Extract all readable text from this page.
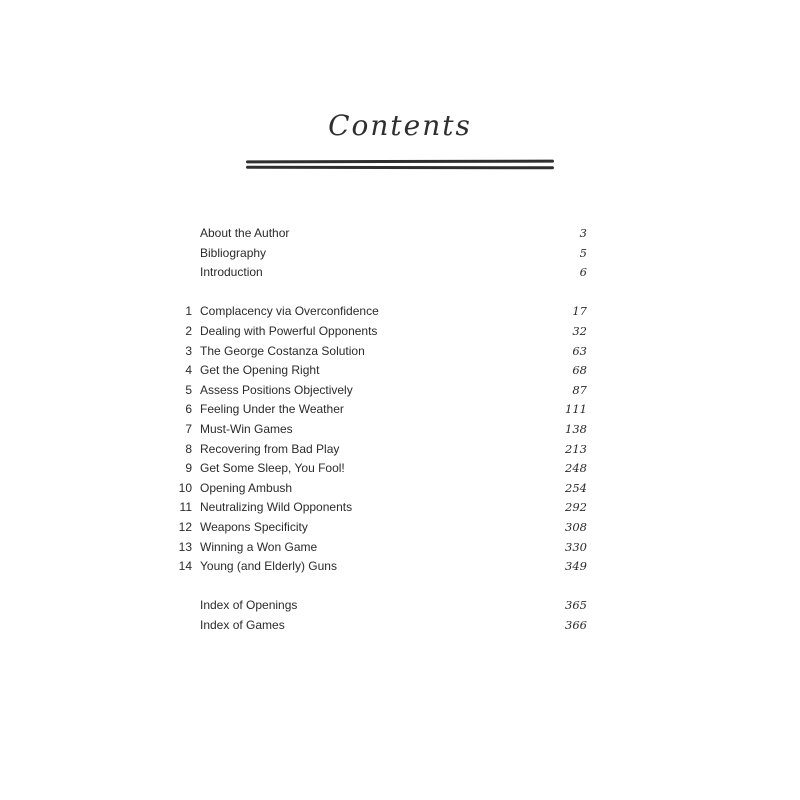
Contents
About the Author	3
Bibliography	5
Introduction	6
1 Complacency via Overconfidence	17
2 Dealing with Powerful Opponents	32
3 The George Costanza Solution	63
4 Get the Opening Right	68
5 Assess Positions Objectively	87
6 Feeling Under the Weather	111
7 Must-Win Games	138
8 Recovering from Bad Play	213
9 Get Some Sleep, You Fool!	248
10 Opening Ambush	254
11 Neutralizing Wild Opponents	292
12 Weapons Specificity	308
13 Winning a Won Game	330
14 Young (and Elderly) Guns	349
Index of Openings	365
Index of Games	366
